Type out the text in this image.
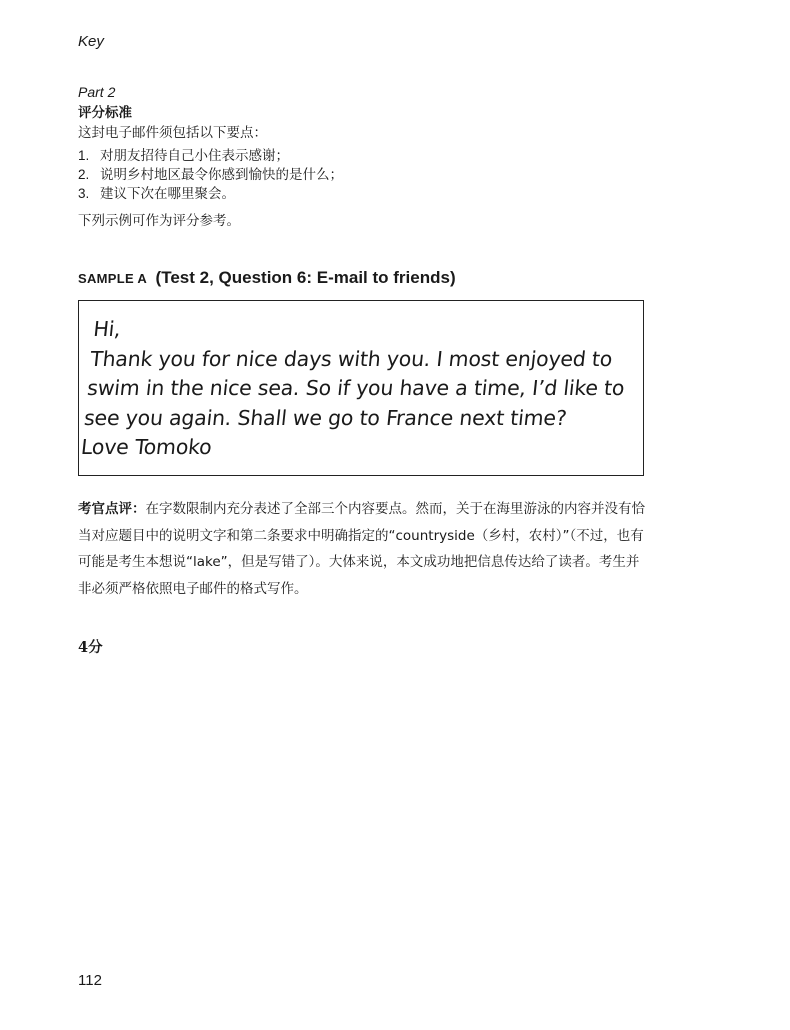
Key
Part 2
评分标准
这封电子邮件须包括以下要点：
1. 对朋友招待自己小住表示感谢；
2. 说明乡村地区最令你感到愉快的是什么；
3. 建议下次在哪里聚会。
下列示例可作为评分参考。
SAMPLE A (Test 2, Question 6: E-mail to friends)
Hi,
Thank you for nice days with you. I most enjoyed to
swim in the nice sea. So if you have a time, I’d like to
see you again. Shall we go to France next time?
Love Tomoko

考官点评：在字数限制内充分表述了全部三个内容要点。然而，关于在海里游泳的内容并没有恰当对应题目中的说明文字和第二条要求中明确指定的“countryside（乡村，农村）”（不过，也有可能是考生本想说“lake”，但是写错了）。大体来说，本文成功地把信息传达给了读者。考生并非必须严格依照电子邮件的格式写作。

4分
112
